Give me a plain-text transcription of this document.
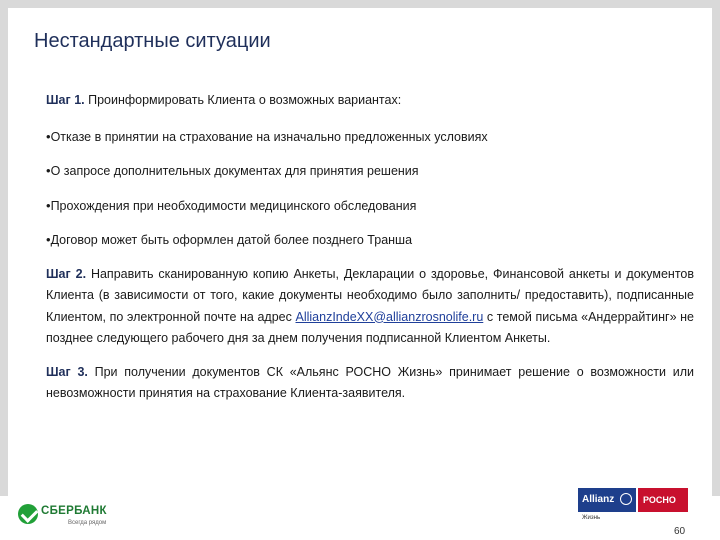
Нестандартные ситуации

Шаг 1. Проинформировать Клиента о возможных вариантах:

•Отказе в принятии на страхование на изначально предложенных условиях

•О запросе дополнительных документах для принятия решения

•Прохождения при необходимости медицинского обследования

•Договор может быть оформлен датой более позднего Транша

Шаг 2. Направить сканированную копию Анкеты, Декларации о здоровье, Финансовой анкеты и документов Клиента (в зависимости от того, какие документы необходимо было заполнить/ предоставить), подписанные Клиентом, по электронной почте на адрес AllianzIndeXX@allianzrosnolife.ru с темой письма «Андеррайтинг» не позднее следующего рабочего дня за днем получения подписанной Клиентом Анкеты.

Шаг 3. При получении документов СК «Альянс РОСНО Жизнь» принимает решение о возможности или невозможности принятия на страхование Клиента-заявителя.

СБЕРБАНК
Всегда рядом
Allianz	РОСНО
Жизнь
60
